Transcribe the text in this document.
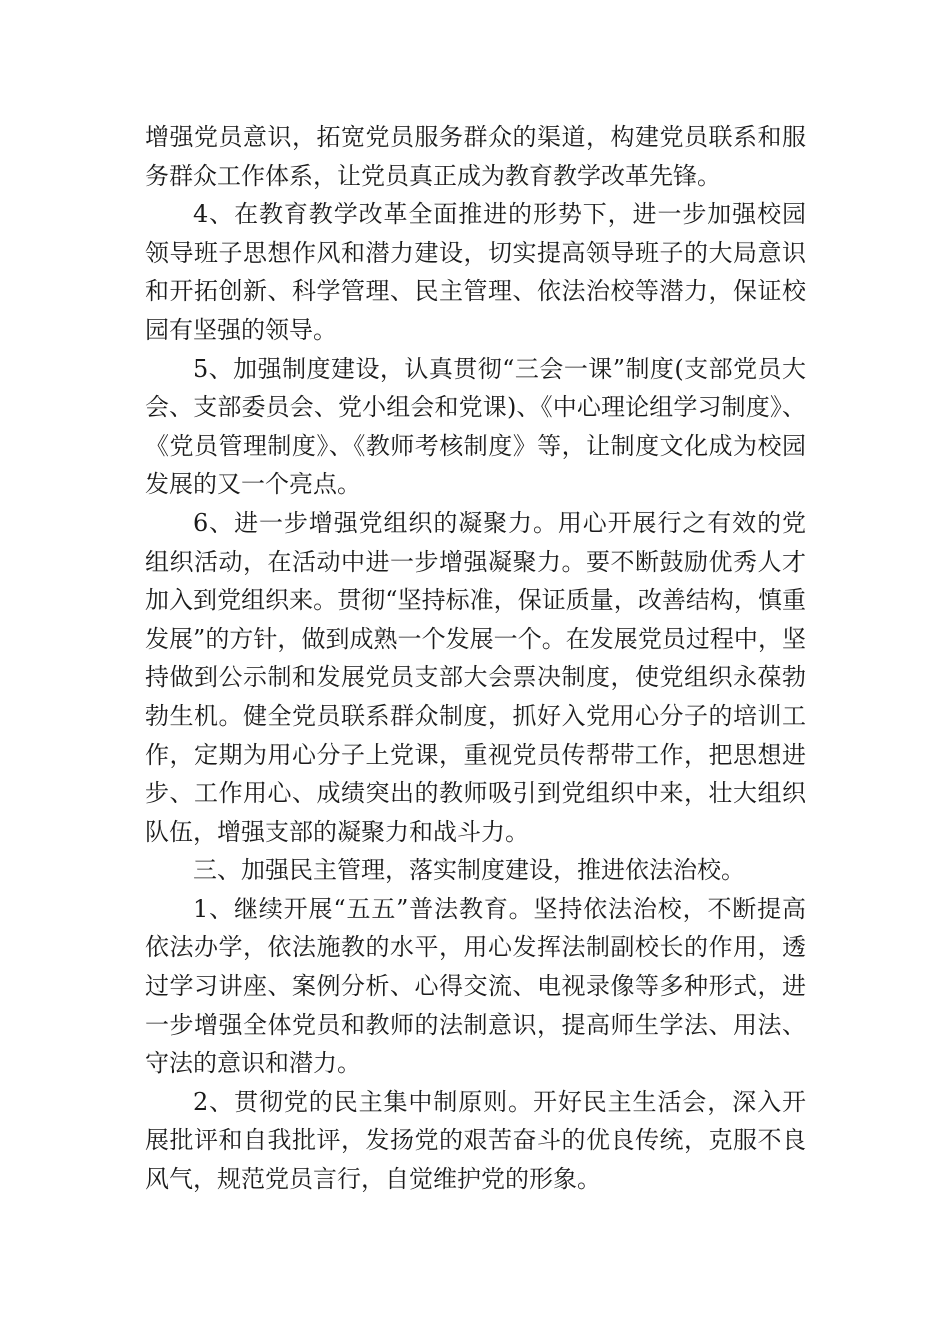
增强党员意识，拓宽党员服务群众的渠道，构建党员联系和服务群众工作体系，让党员真正成为教育教学改革先锋。

4、在教育教学改革全面推进的形势下，进一步加强校园领导班子思想作风和潜力建设，切实提高领导班子的大局意识和开拓创新、科学管理、民主管理、依法治校等潜力，保证校园有坚强的领导。

5、加强制度建设，认真贯彻“三会一课”制度(支部党员大会、支部委员会、党小组会和党课)、《中心理论组学习制度》、《党员管理制度》、《教师考核制度》等，让制度文化成为校园发展的又一个亮点。

6、进一步增强党组织的凝聚力。用心开展行之有效的党组织活动，在活动中进一步增强凝聚力。要不断鼓励优秀人才加入到党组织来。贯彻“坚持标准，保证质量，改善结构，慎重发展”的方针，做到成熟一个发展一个。在发展党员过程中，坚持做到公示制和发展党员支部大会票决制度，使党组织永葆勃勃生机。健全党员联系群众制度，抓好入党用心分子的培训工作，定期为用心分子上党课，重视党员传帮带工作，把思想进步、工作用心、成绩突出的教师吸引到党组织中来，壮大组织队伍，增强支部的凝聚力和战斗力。

三、加强民主管理，落实制度建设，推进依法治校。

1、继续开展“五五”普法教育。坚持依法治校，不断提高依法办学，依法施教的水平，用心发挥法制副校长的作用，透过学习讲座、案例分析、心得交流、电视录像等多种形式，进一步增强全体党员和教师的法制意识，提高师生学法、用法、守法的意识和潜力。

2、贯彻党的民主集中制原则。开好民主生活会，深入开展批评和自我批评，发扬党的艰苦奋斗的优良传统，克服不良风气，规范党员言行，自觉维护党的形象。
